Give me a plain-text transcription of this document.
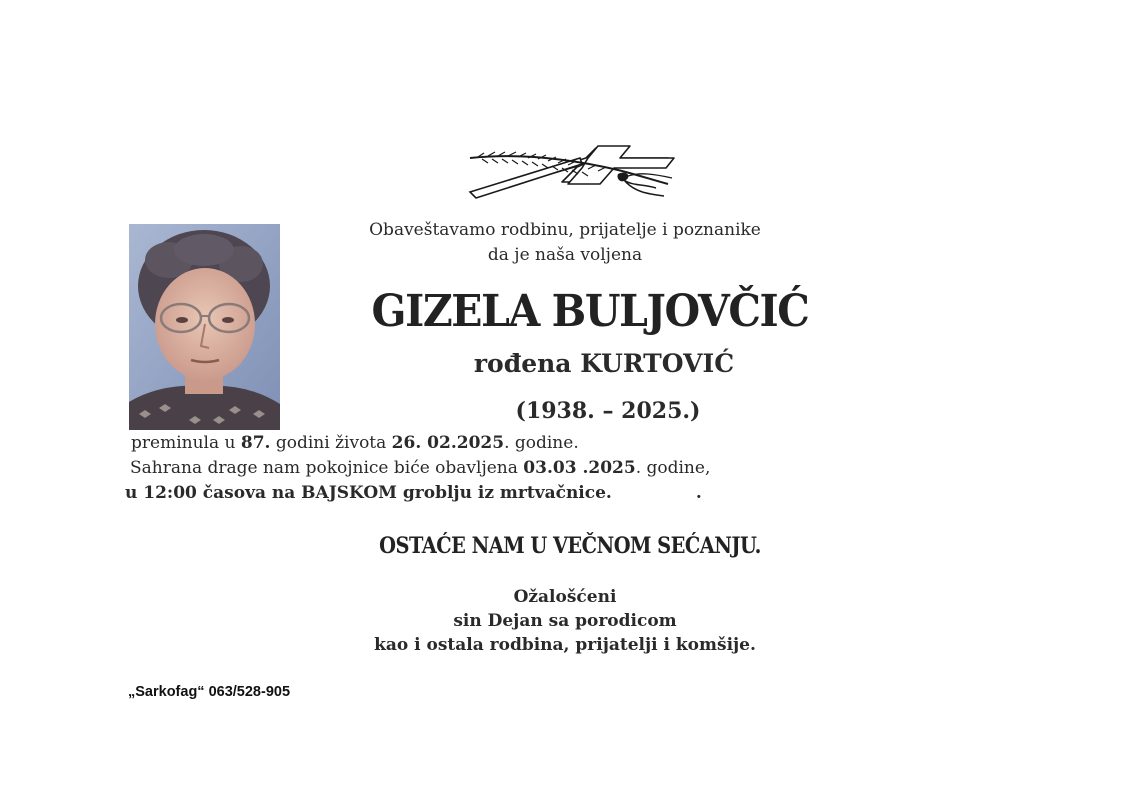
Obaveštavamo rodbinu, prijatelje i poznanike
da je naša voljena
GIZELA BULJOVČIĆ
rođena KURTOVIĆ
(1938. – 2025.)
preminula u 87. godini života 26. 02.2025. godine.
Sahrana drage nam pokojnice biće obavljena 03.03 .2025. godine,
u 12:00 časova na BAJSKOM groblju iz mrtvačnice.	.
OSTAĆE NAM U VEČNOM SEĆANJU.
Ožalošćeni
sin Dejan sa porodicom
kao i ostala rodbina, prijatelji i komšije.
„Sarkofag“ 063/528-905
